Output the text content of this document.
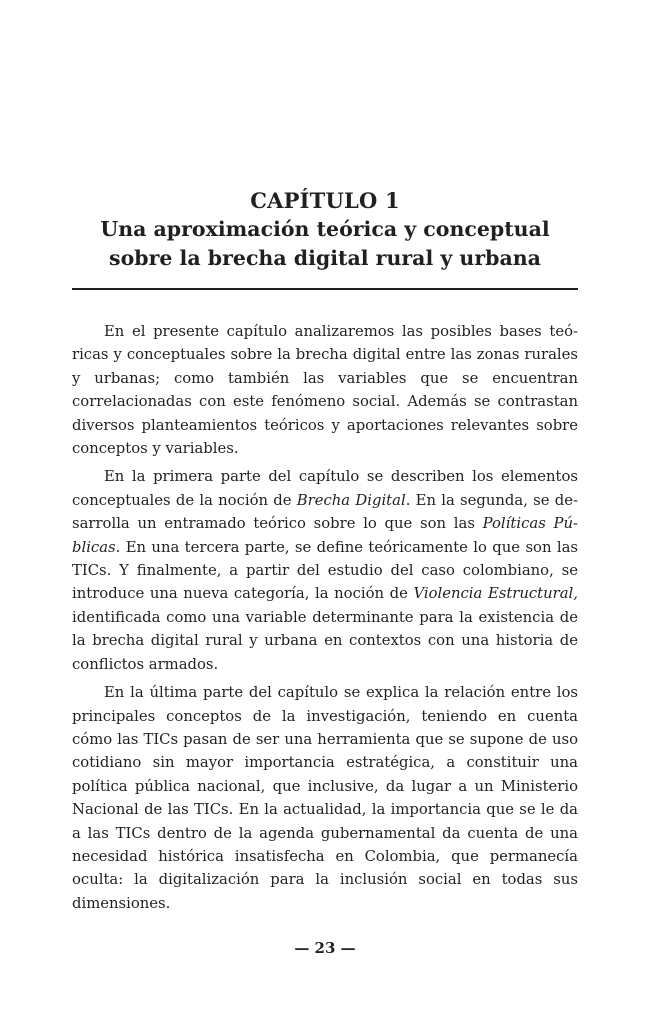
CAPÍTULO 1
Una aproximación teórica y conceptual
sobre la brecha digital rural y urbana

En el presente capítulo analizaremos las posibles bases teóricas y conceptuales sobre la brecha digital entre las zonas rurales y urbanas; como también las variables que se encuentran correlacionadas con este fenómeno social. Además se contrastan diversos planteamientos teóricos y aportaciones relevantes sobre conceptos y variables.

En la primera parte del capítulo se describen los elementos conceptuales de la noción de Brecha Digital. En la segunda, se desarrolla un entramado teórico sobre lo que son las Políticas Públicas. En una tercera parte, se define teóricamente lo que son las TICs. Y finalmente, a partir del estudio del caso colombiano, se introduce una nueva categoría, la noción de Violencia Estructural, identificada como una variable determinante para la existencia de la brecha digital rural y urbana en contextos con una historia de conflictos armados.

En la última parte del capítulo se explica la relación entre los principales conceptos de la investigación, teniendo en cuenta cómo las TICs pasan de ser una herramienta que se supone de uso cotidiano sin mayor importancia estratégica, a constituir una política pública nacional, que inclusive, da lugar a un Ministerio Nacional de las TICs. En la actualidad, la importancia que se le da a las TICs dentro de la agenda gubernamental da cuenta de una necesidad histórica insatisfecha en Colombia, que permanecía oculta: la digitalización para la inclusión social en todas sus dimensiones.

— 23 —
